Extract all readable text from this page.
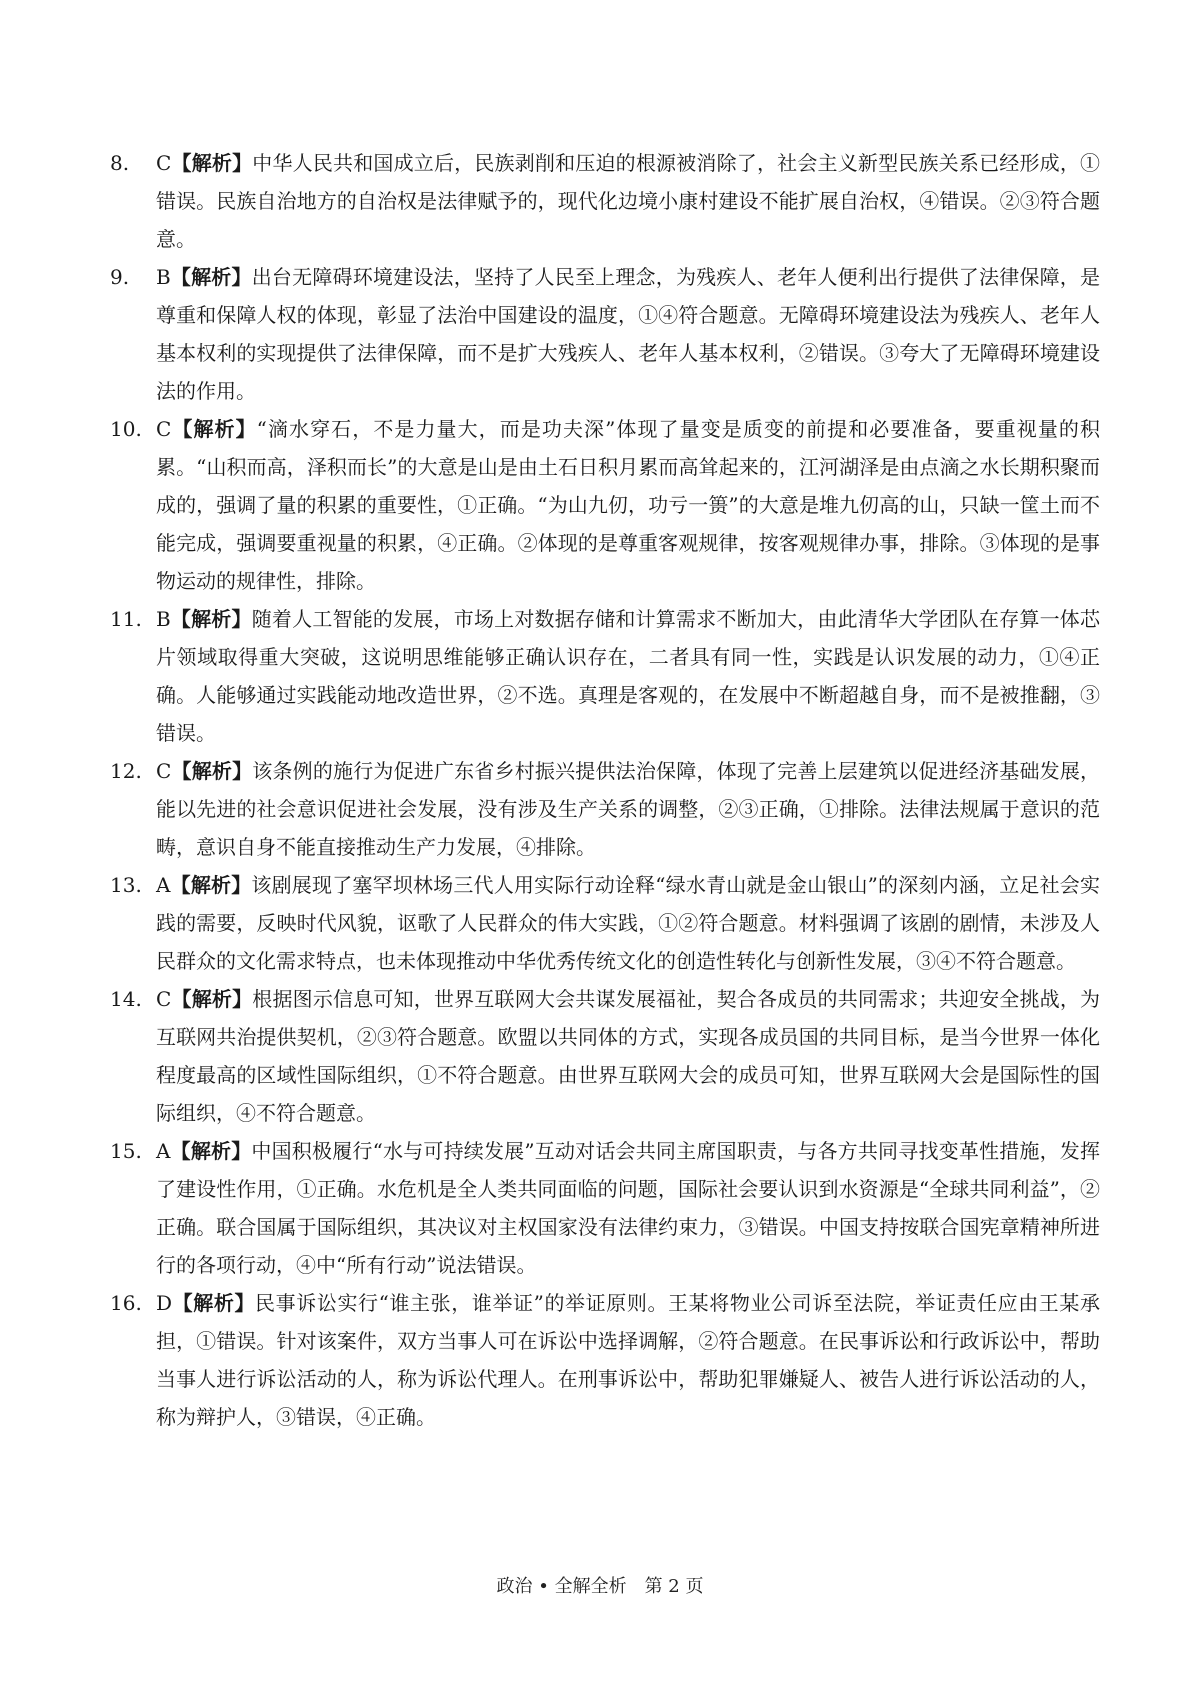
8.	C【解析】中华人民共和国成立后，民族剥削和压迫的根源被消除了，社会主义新型民族关系已经形成，①错误。民族自治地方的自治权是法律赋予的，现代化边境小康村建设不能扩展自治权，④错误。②③符合题意。
9.	B【解析】出台无障碍环境建设法，坚持了人民至上理念，为残疾人、老年人便利出行提供了法律保障，是尊重和保障人权的体现，彰显了法治中国建设的温度，①④符合题意。无障碍环境建设法为残疾人、老年人基本权利的实现提供了法律保障，而不是扩大残疾人、老年人基本权利，②错误。③夸大了无障碍环境建设法的作用。
10. C【解析】“滴水穿石，不是力量大，而是功夫深”体现了量变是质变的前提和必要准备，要重视量的积累。“山积而高，泽积而长”的大意是山是由土石日积月累而高耸起来的，江河湖泽是由点滴之水长期积聚而成的，强调了量的积累的重要性，①正确。“为山九仞，功亏一篑”的大意是堆九仞高的山，只缺一筐土而不能完成，强调要重视量的积累，④正确。②体现的是尊重客观规律，按客观规律办事，排除。③体现的是事物运动的规律性，排除。
11. B【解析】随着人工智能的发展，市场上对数据存储和计算需求不断加大，由此清华大学团队在存算一体芯片领域取得重大突破，这说明思维能够正确认识存在，二者具有同一性，实践是认识发展的动力，①④正确。人能够通过实践能动地改造世界，②不选。真理是客观的，在发展中不断超越自身，而不是被推翻，③错误。
12. C【解析】该条例的施行为促进广东省乡村振兴提供法治保障，体现了完善上层建筑以促进经济基础发展，能以先进的社会意识促进社会发展，没有涉及生产关系的调整，②③正确，①排除。法律法规属于意识的范畴，意识自身不能直接推动生产力发展，④排除。
13. A【解析】该剧展现了塞罕坝林场三代人用实际行动诠释“绿水青山就是金山银山”的深刻内涵，立足社会实践的需要，反映时代风貌，讴歌了人民群众的伟大实践，①②符合题意。材料强调了该剧的剧情，未涉及人民群众的文化需求特点，也未体现推动中华优秀传统文化的创造性转化与创新性发展，③④不符合题意。
14. C【解析】根据图示信息可知，世界互联网大会共谋发展福祉，契合各成员的共同需求；共迎安全挑战，为互联网共治提供契机，②③符合题意。欧盟以共同体的方式，实现各成员国的共同目标，是当今世界一体化程度最高的区域性国际组织，①不符合题意。由世界互联网大会的成员可知，世界互联网大会是国际性的国际组织，④不符合题意。
15. A【解析】中国积极履行“水与可持续发展”互动对话会共同主席国职责，与各方共同寻找变革性措施，发挥了建设性作用，①正确。水危机是全人类共同面临的问题，国际社会要认识到水资源是“全球共同利益”，②正确。联合国属于国际组织，其决议对主权国家没有法律约束力，③错误。中国支持按联合国宪章精神所进行的各项行动，④中“所有行动”说法错误。
16. D【解析】民事诉讼实行“谁主张，谁举证”的举证原则。王某将物业公司诉至法院，举证责任应由王某承担，①错误。针对该案件，双方当事人可在诉讼中选择调解，②符合题意。在民事诉讼和行政诉讼中，帮助当事人进行诉讼活动的人，称为诉讼代理人。在刑事诉讼中，帮助犯罪嫌疑人、被告人进行诉讼活动的人，称为辩护人，③错误，④正确。
政治 • 全解全析　第 2 页
